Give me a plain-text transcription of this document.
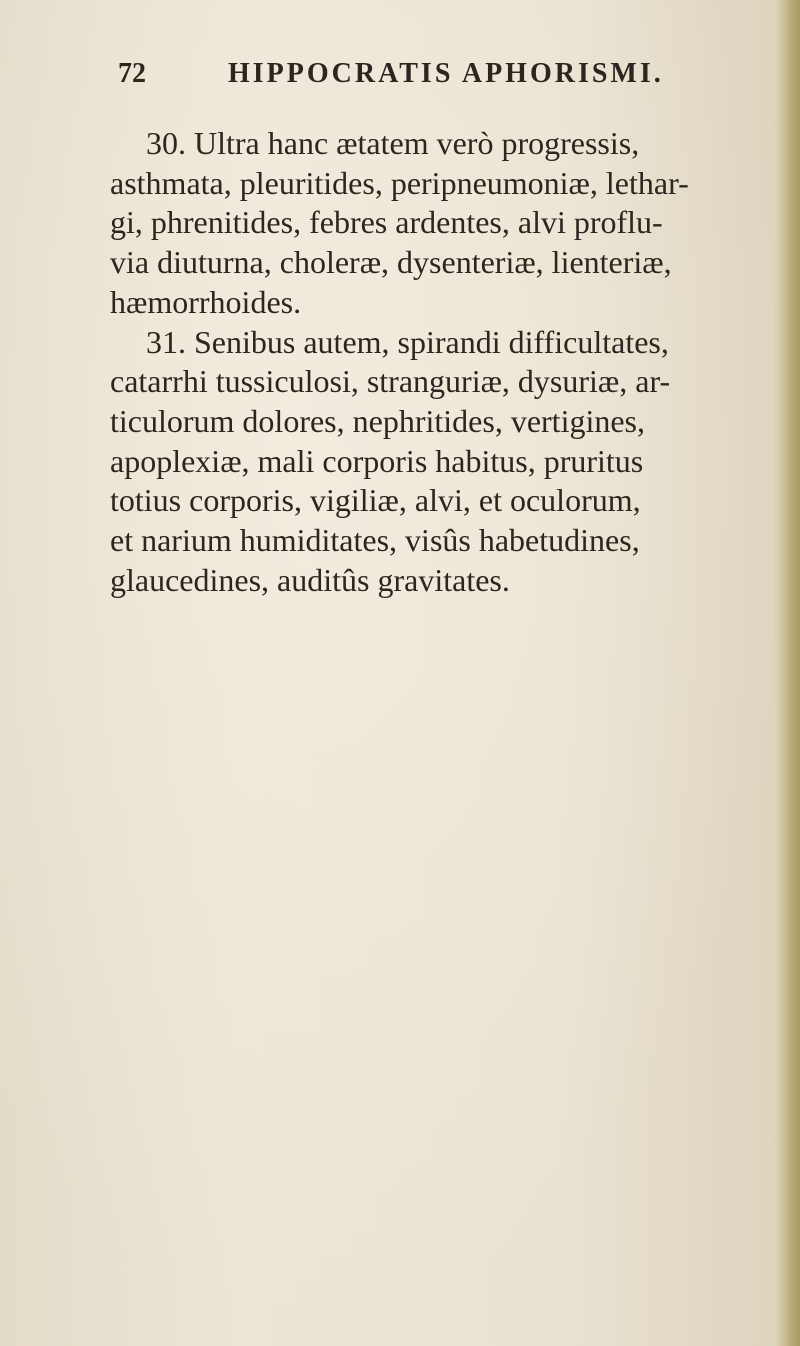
72	HIPPOCRATIS APHORISMI.
30. Ultra hanc ætatem verò progressis,
asthmata, pleuritides, peripneumoniæ, lethar-
gi, phrenitides, febres ardentes, alvi proflu-
via diuturna, choleræ, dysenteriæ, lienteriæ,
hæmorrhoides.
31. Senibus autem, spirandi difficultates,
catarrhi tussiculosi, stranguriæ, dysuriæ, ar-
ticulorum dolores, nephritides, vertigines,
apoplexiæ, mali corporis habitus, pruritus
totius corporis, vigiliæ, alvi, et oculorum,
et narium humiditates, visûs habetudines,
glaucedines, auditûs gravitates.
